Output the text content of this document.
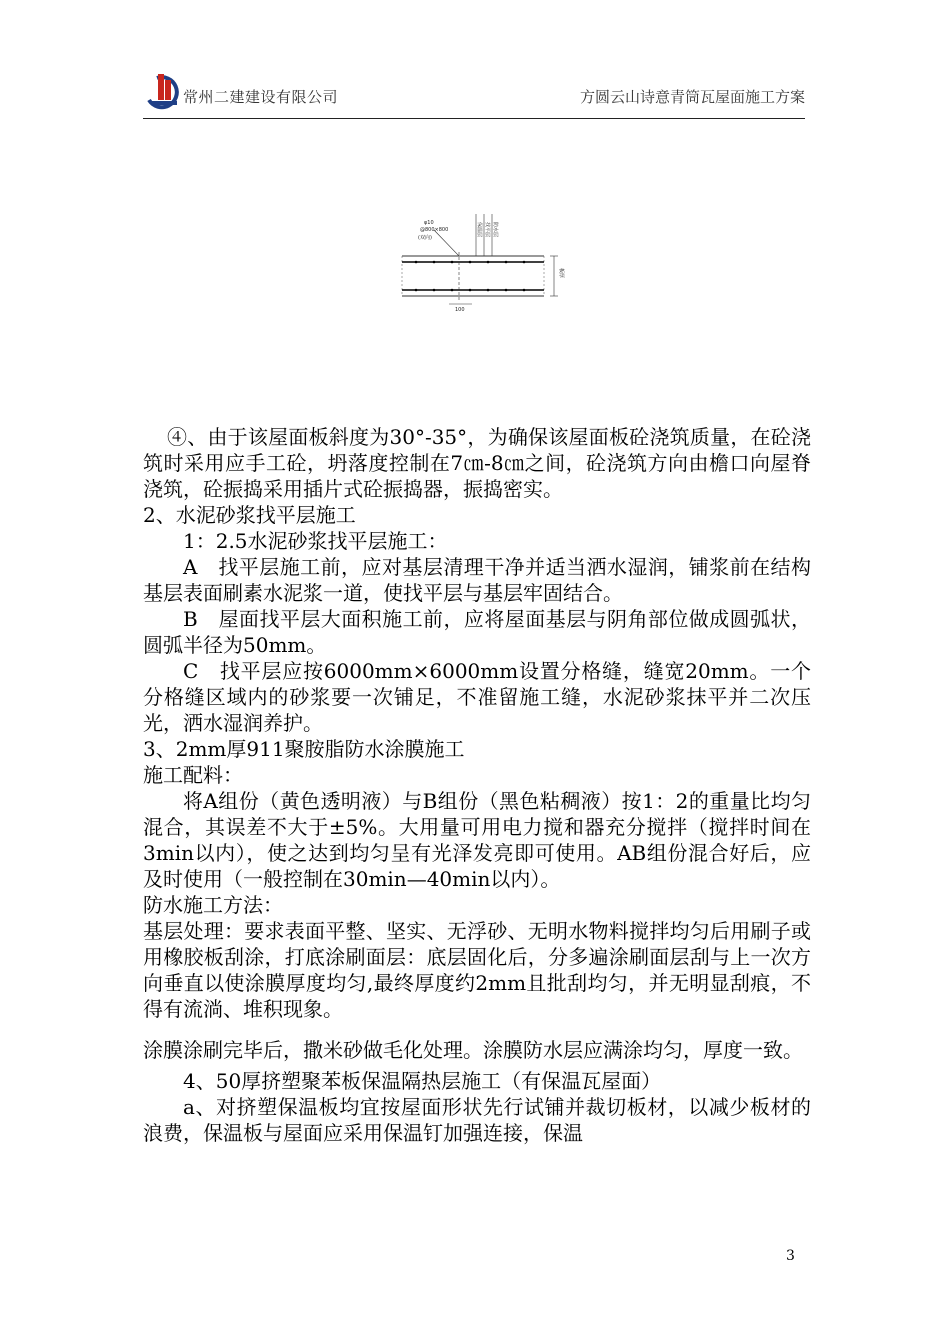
常州二建建设有限公司	方圆云山诗意青筒瓦屋面施工方案
φ10
@800×800
(双向)
保温层 找平层 防水层
板厚
100

④、由于该屋面板斜度为30°-35°，为确保该屋面板砼浇筑质量，在砼浇筑时采用应手工砼，坍落度控制在7㎝-8㎝之间，砼浇筑方向由檐口向屋脊浇筑，砼振捣采用插片式砼振捣器，振捣密实。

2、水泥砂浆找平层施工

1：2.5水泥砂浆找平层施工：

A　找平层施工前，应对基层清理干净并适当洒水湿润，铺浆前在结构基层表面刷素水泥浆一道，使找平层与基层牢固结合。

B　屋面找平层大面积施工前，应将屋面基层与阴角部位做成圆弧状，圆弧半径为50mm。

C　找平层应按6000mm×6000mm设置分格缝，缝宽20mm。一个分格缝区域内的砂浆要一次铺足，不准留施工缝，水泥砂浆抹平并二次压光，洒水湿润养护。

3、2mm厚911聚胺脂防水涂膜施工

施工配料：

将A组份（黄色透明液）与B组份（黑色粘稠液）按1：2的重量比均匀混合，其误差不大于±5%。大用量可用电力搅和器充分搅拌（搅拌时间在3min以内），使之达到均匀呈有光泽发亮即可使用。AB组份混合好后，应及时使用（一般控制在30min—40min以内）。

防水施工方法：

基层处理：要求表面平整、坚实、无浮砂、无明水物料搅拌均匀后用刷子或用橡胶板刮涂，打底涂刷面层：底层固化后，分多遍涂刷面层刮与上一次方向垂直以使涂膜厚度均匀,最终厚度约2mm且批刮均匀，并无明显刮痕，不得有流淌、堆积现象。

涂膜涂刷完毕后，撒米砂做毛化处理。涂膜防水层应满涂均匀，厚度一致。

4、50厚挤塑聚苯板保温隔热层施工（有保温瓦屋面）

a、对挤塑保温板均宜按屋面形状先行试铺并裁切板材，以减少板材的浪费，保温板与屋面应采用保温钉加强连接，保温

3
